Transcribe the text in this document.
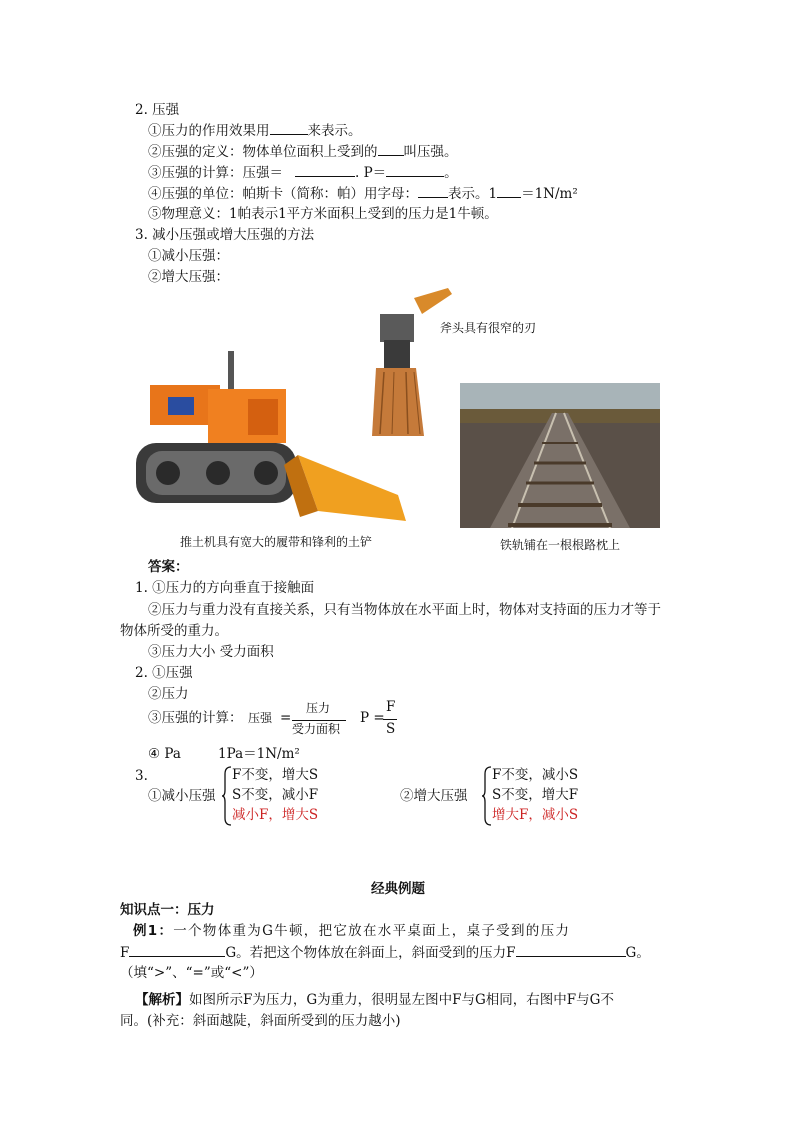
2. 压强
①压力的作用效果用	来表示。
②压强的定义：物体单位面积上受到的 叫压强。
③压强的计算：压强＝	. P＝	。
④压强的单位：帕斯卡（简称：帕）用字母： 表示。1 ＝1N/m²
⑤物理意义：1帕表示1平方米面积上受到的压力是1牛顿。
3. 减小压强或增大压强的方法
①减小压强：
②增大压强：
斧头具有很窄的刃
推土机具有宽大的履带和锋利的土铲	铁轨铺在一根根路枕上
答案：
1. ①压力的方向垂直于接触面
②压力与重力没有直接关系，只有当物体放在水平面上时，物体对支持面的压力才等于
物体所受的重力。
③压力大小 受力面积
2. ①压强
②压力
③压强的计算： 压强 =
压力
受力面积
P =
F
S
④ Pa	1Pa＝1N/m²
3.
①减小压强
F不变，增大S
S不变，减小F
减小F，增大S
②增大压强
F不变，减小S
S不变，增大F
增大F，减小S
经典例题
知识点一：压力
例1：一个物体重为G牛顿，把它放在水平桌面上，桌子受到的压力
F	G。若把这个物体放在斜面上，斜面受到的压力F	G。
（填“>”、“=”或“<”）
【解析】如图所示F为压力，G为重力，很明显左图中F与G相同，右图中F与G不
同。(补充：斜面越陡，斜面所受到的压力越小)
